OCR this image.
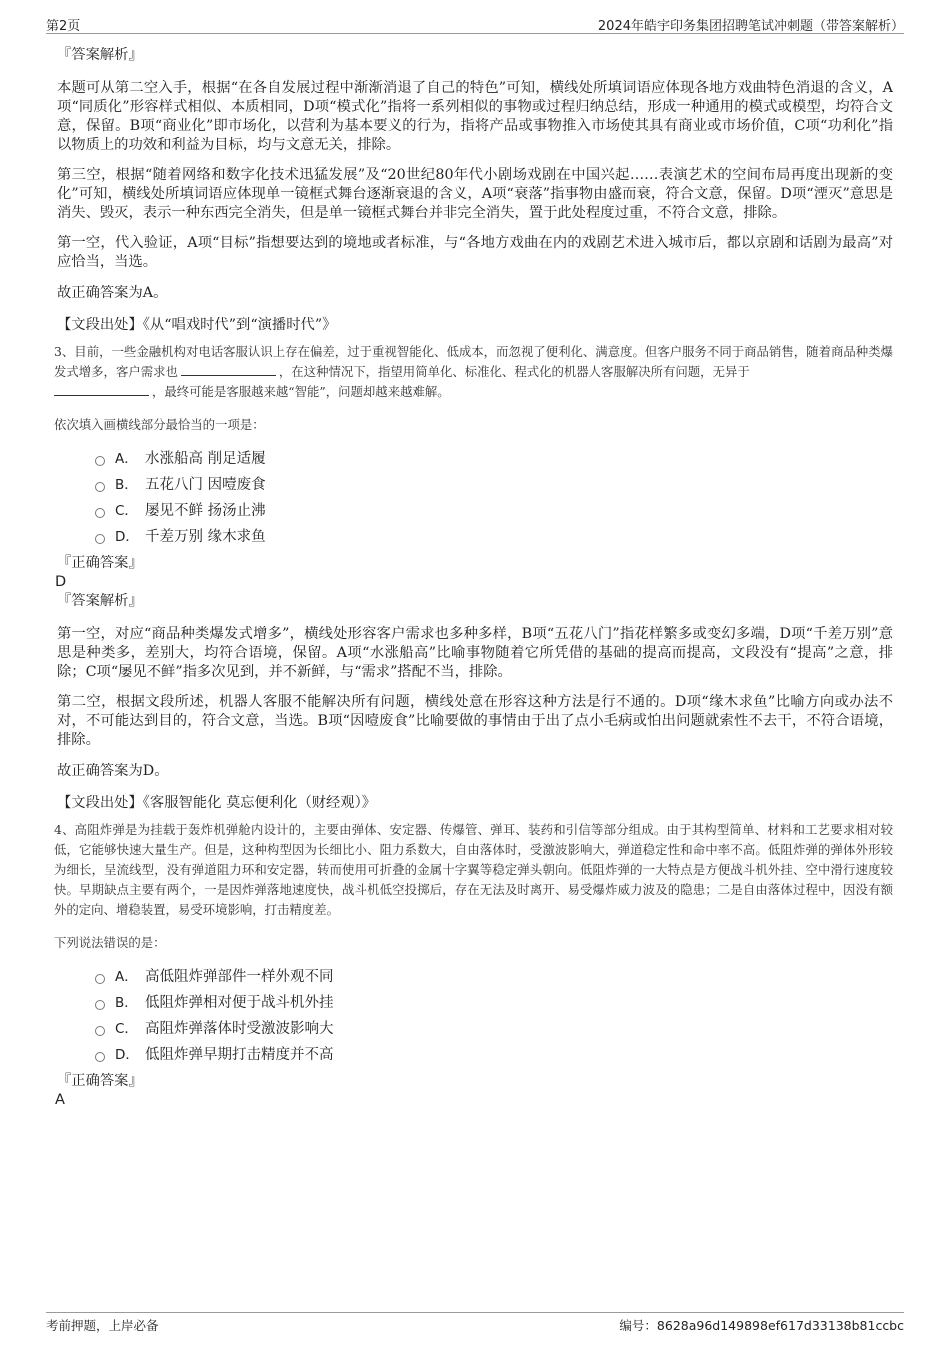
第2页	2024年皓宇印务集团招聘笔试冲刺题（带答案解析）
『答案解析』

本题可从第二空入手，根据“在各自发展过程中渐渐消退了自己的特色”可知，横线处所填词语应体现各地方戏曲特色消退的含义，A项“同质化”形容样式相似、本质相同，D项“模式化”指将一系列相似的事物或过程归纳总结，形成一种通用的模式或模型，均符合文意，保留。B项“商业化”即市场化，以营利为基本要义的行为，指将产品或事物推入市场使其具有商业或市场价值，C项“功利化”指以物质上的功效和利益为目标，均与文意无关，排除。

第三空，根据“随着网络和数字化技术迅猛发展”及“20世纪80年代小剧场戏剧在中国兴起……表演艺术的空间布局再度出现新的变化”可知，横线处所填词语应体现单一镜框式舞台逐渐衰退的含义，A项“衰落”指事物由盛而衰，符合文意，保留。D项“湮灭”意思是消失、毁灭，表示一种东西完全消失，但是单一镜框式舞台并非完全消失，置于此处程度过重，不符合文意，排除。

第一空，代入验证，A项“目标”指想要达到的境地或者标准，与“各地方戏曲在内的戏剧艺术进入城市后，都以京剧和话剧为最高”对应恰当，当选。

故正确答案为A。

【文段出处】《从“唱戏时代”到“演播时代”》

3、目前，一些金融机构对电话客服认识上存在偏差，过于重视智能化、低成本，而忽视了便利化、满意度。但客户服务不同于商品销售，随着商品种类爆发式增多，客户需求也	，在这种情况下，指望用简单化、标准化、程式化的机器人客服解决所有问题，无异于
，最终可能是客服越来越“智能”，问题却越来越难解。
依次填入画横线部分最恰当的一项是：
A． 水涨船高 削足适履
B． 五花八门 因噎废食
C． 屡见不鲜 扬汤止沸
D． 千差万别 缘木求鱼
『正确答案』
D
『答案解析』

第一空，对应“商品种类爆发式增多”，横线处形容客户需求也多种多样，B项“五花八门”指花样繁多或变幻多端，D项“千差万别”意思是种类多，差别大，均符合语境，保留。A项“水涨船高”比喻事物随着它所凭借的基础的提高而提高，文段没有“提高”之意，排除；C项“屡见不鲜”指多次见到，并不新鲜，与“需求”搭配不当，排除。

第二空，根据文段所述，机器人客服不能解决所有问题，横线处意在形容这种方法是行不通的。D项“缘木求鱼”比喻方向或办法不对，不可能达到目的，符合文意，当选。B项“因噎废食”比喻要做的事情由于出了点小毛病或怕出问题就索性不去干，不符合语境，排除。

故正确答案为D。

【文段出处】《客服智能化 莫忘便利化（财经观）》

4、高阻炸弹是为挂载于轰炸机弹舱内设计的，主要由弹体、安定器、传爆管、弹耳、装药和引信等部分组成。由于其构型简单、材料和工艺要求相对较低，它能够快速大量生产。但是，这种构型因为长细比小、阻力系数大，自由落体时，受激波影响大，弹道稳定性和命中率不高。低阻炸弹的弹体外形较为细长，呈流线型，没有弹道阻力环和安定器，转而使用可折叠的金属十字翼等稳定弹头朝向。低阻炸弹的一大特点是方便战斗机外挂、空中滑行速度较快。早期缺点主要有两个，一是因炸弹落地速度快，战斗机低空投掷后，存在无法及时离开、易受爆炸威力波及的隐患；二是自由落体过程中，因没有额外的定向、增稳装置，易受环境影响，打击精度差。
下列说法错误的是：
A． 高低阻炸弹部件一样外观不同
B． 低阻炸弹相对便于战斗机外挂
C． 高阻炸弹落体时受激波影响大
D． 低阻炸弹早期打击精度并不高
『正确答案』
A
考前押题，上岸必备	编号：8628a96d149898ef617d33138b81ccbc
